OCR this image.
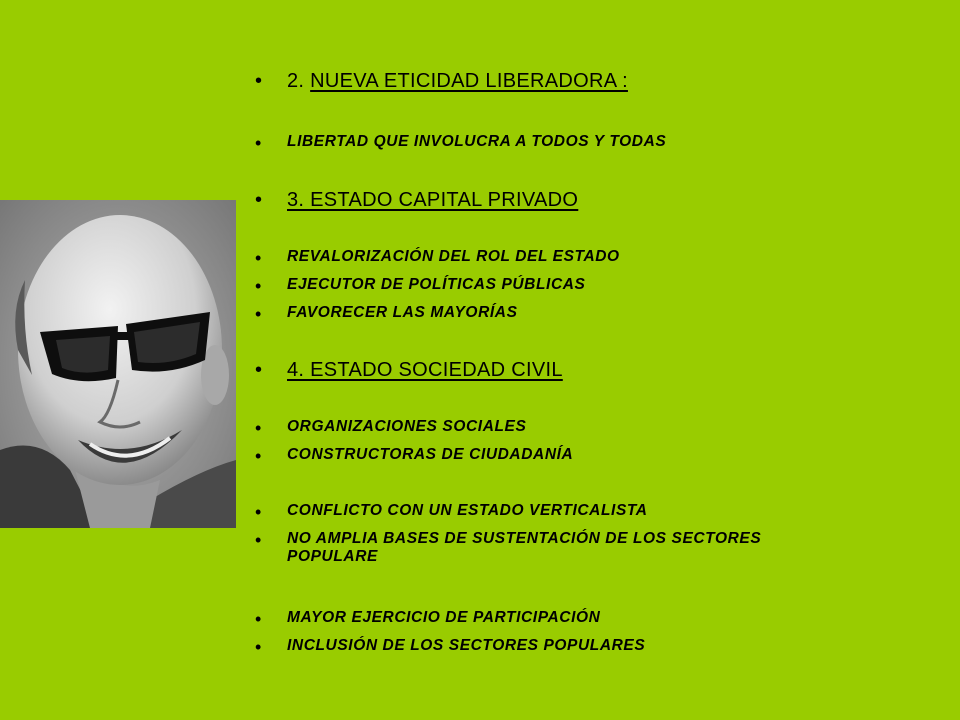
•	2. NUEVA ETICIDAD LIBERADORA :
•	LIBERTAD QUE INVOLUCRA A TODOS Y TODAS
•	3. ESTADO CAPITAL PRIVADO
•	REVALORIZACIÓN DEL ROL DEL ESTADO
•	EJECUTOR DE POLÍTICAS PÚBLICAS
•	FAVORECER LAS MAYORÍAS
•	4. ESTADO SOCIEDAD CIVIL
•	ORGANIZACIONES SOCIALES
•	CONSTRUCTORAS DE CIUDADANÍA
•	CONFLICTO CON UN ESTADO VERTICALISTA
•	NO AMPLIA BASES DE SUSTENTACIÓN DE LOS SECTORES POPULARE
•	MAYOR EJERCICIO DE PARTICIPACIÓN
•	INCLUSIÓN DE LOS SECTORES POPULARES
